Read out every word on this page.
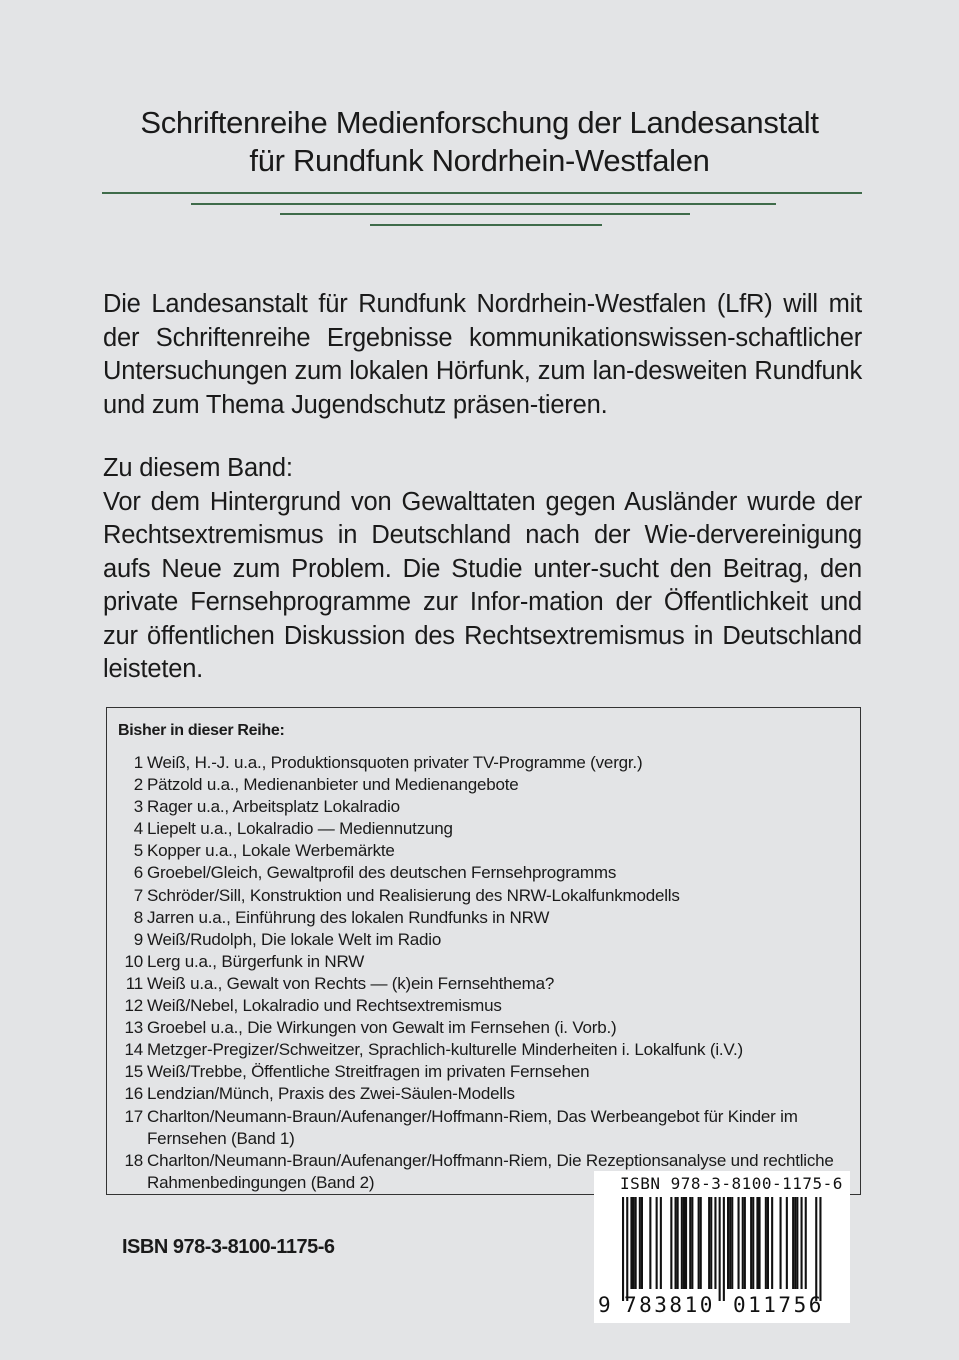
Schriftenreihe Medienforschung der Landesanstalt
für Rundfunk Nordrhein-Westfalen

Die Landesanstalt für Rundfunk Nordrhein-Westfalen (LfR) will mit der Schriftenreihe Ergebnisse kommunikationswissen-schaftlicher Untersuchungen zum lokalen Hörfunk, zum lan-desweiten Rundfunk und zum Thema Jugendschutz präsen-tieren.

Zu diesem Band:

Vor dem Hintergrund von Gewalttaten gegen Ausländer wurde der Rechtsextremismus in Deutschland nach der Wie-dervereinigung aufs Neue zum Problem. Die Studie unter-sucht den Beitrag, den private Fernsehprogramme zur Infor-mation der Öffentlichkeit und zur öffentlichen Diskussion des Rechtsextremismus in Deutschland leisteten.

Bisher in dieser Reihe:
1 Weiß, H.-J. u.a., Produktionsquoten privater TV-Programme (vergr.)
2 Pätzold u.a., Medienanbieter und Medienangebote
3 Rager u.a., Arbeitsplatz Lokalradio
4 Liepelt u.a., Lokalradio — Mediennutzung
5 Kopper u.a., Lokale Werbemärkte
6 Groebel/Gleich, Gewaltprofil des deutschen Fernsehprogramms
7 Schröder/Sill, Konstruktion und Realisierung des NRW-Lokalfunkmodells
8 Jarren u.a., Einführung des lokalen Rundfunks in NRW
9 Weiß/Rudolph, Die lokale Welt im Radio
10 Lerg u.a., Bürgerfunk in NRW
11 Weiß u.a., Gewalt von Rechts — (k)ein Fernsehthema?
12 Weiß/Nebel, Lokalradio und Rechtsextremismus
13 Groebel u.a., Die Wirkungen von Gewalt im Fernsehen (i. Vorb.)
14 Metzger-Pregizer/Schweitzer, Sprachlich-kulturelle Minderheiten i. Lokalfunk (i.V.)
15 Weiß/Trebbe, Öffentliche Streitfragen im privaten Fernsehen
16 Lendzian/Münch, Praxis des Zwei-Säulen-Modells
17 Charlton/Neumann-Braun/Aufenanger/Hoffmann-Riem, Das Werbeangebot für Kinder im Fernsehen (Band 1)
18 Charlton/Neumann-Braun/Aufenanger/Hoffmann-Riem, Die Rezeptionsanalyse und rechtliche Rahmenbedingungen (Band 2)
ISBN 978-3-8100-1175-6
ISBN 978-3-8100-1175-6
9 783810 011756
